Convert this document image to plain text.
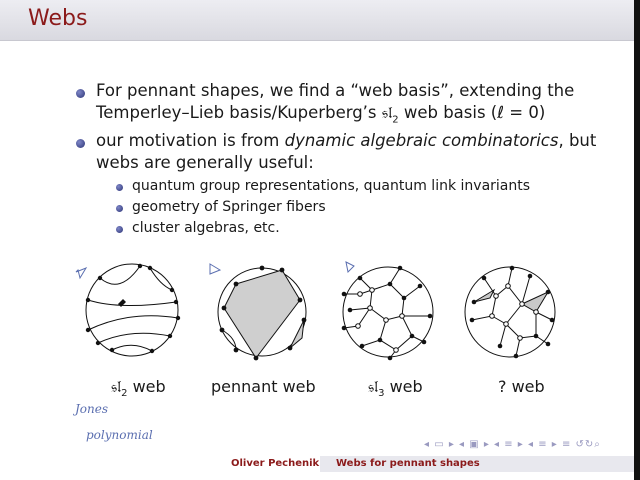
Webs
For pennant shapes, we find a “web basis”, extending the
Temperley–Lieb basis/Kuperberg’s 𝔰𝔩$_2$ web basis (ℓ = 0)
our motivation is from dynamic algebraic combinatorics, but
webs are generally useful:
quantum group representations, quantum link invariants
geometry of Springer fibers
cluster algebras, etc.
𝔰𝔩$_2$ web	pennant web	𝔰𝔩$_3$ web	? web
Jones
polynomial
◂ ▭ ▸ ◂ ▣ ▸ ◂ ≡ ▸ ◂ ≡ ▸ ≡ ↺↻⌕
Oliver Pechenik Webs for pennant shapes
